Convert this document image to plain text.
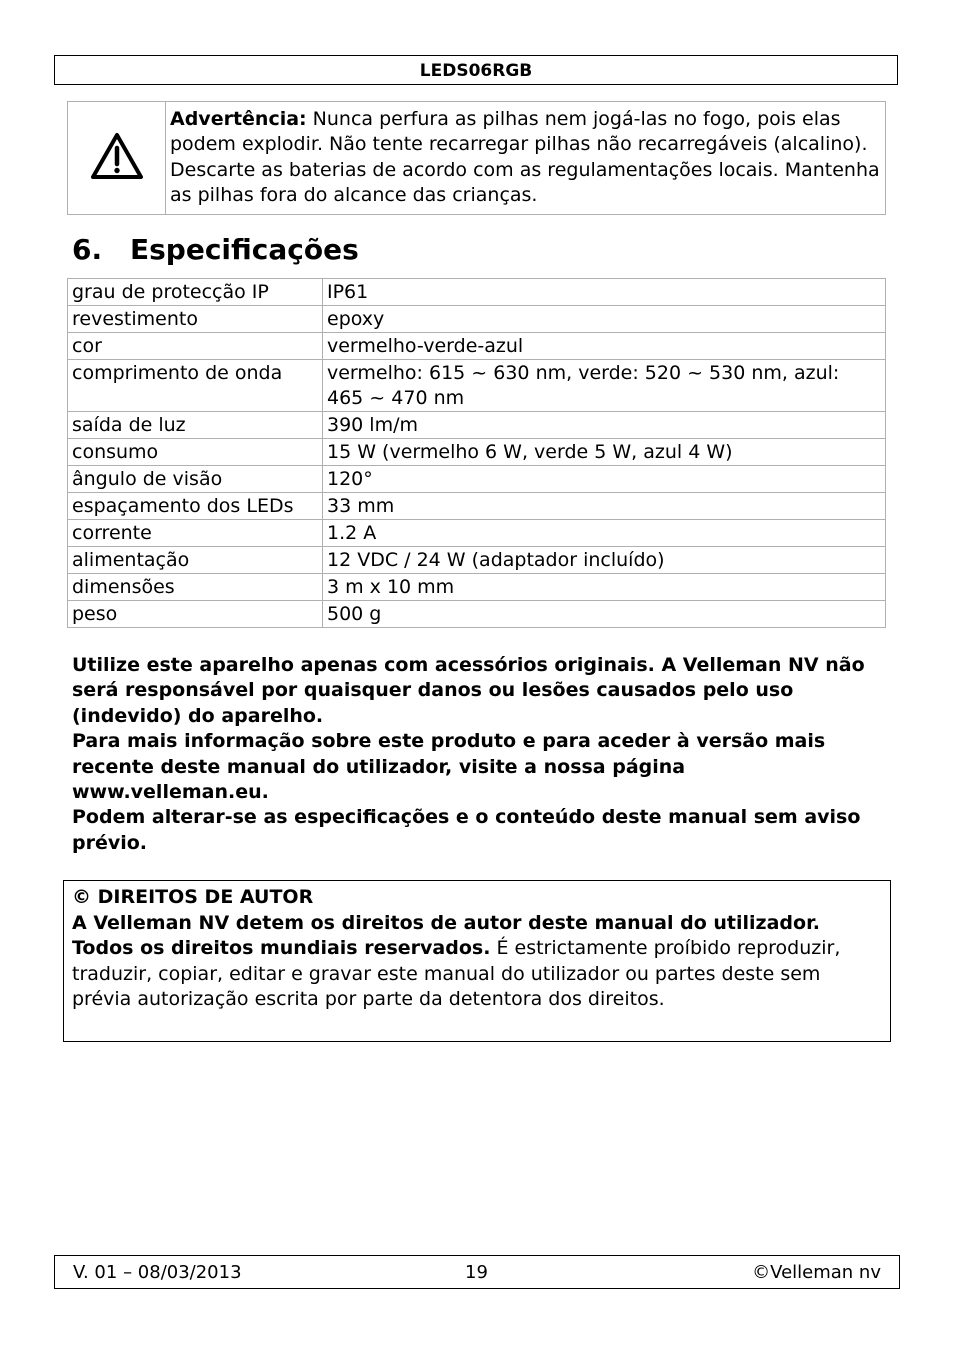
LEDS06RGB
	Advertência: Nunca perfura as pilhas nem jogá-las no fogo, pois elas podem explodir. Não tente recarregar pilhas não recarregáveis (alcalino). Descarte as baterias de acordo com as regulamentações locais. Mantenha as pilhas fora do alcance das crianças.
6. Especificações
grau de protecção IP	IP61
revestimento	epoxy
cor	vermelho-verde-azul
comprimento de onda	vermelho: 615 ~ 630 nm, verde: 520 ~ 530 nm, azul: 465 ~ 470 nm
saída de luz	390 lm/m
consumo	15 W (vermelho 6 W, verde 5 W, azul 4 W)
ângulo de visão	120°
espaçamento dos LEDs	33 mm
corrente	1.2 A
alimentação	12 VDC / 24 W (adaptador incluído)
dimensões	3 m x 10 mm
peso	500 g

Utilize este aparelho apenas com acessórios originais. A Velleman NV não será responsável por quaisquer danos ou lesões causados pelo uso (indevido) do aparelho.

Para mais informação sobre este produto e para aceder à versão mais recente deste manual do utilizador, visite a nossa página www.velleman.eu.

Podem alterar-se as especificações e o conteúdo deste manual sem aviso prévio.

© DIREITOS DE AUTOR

A Velleman NV detem os direitos de autor deste manual do utilizador. Todos os direitos mundiais reservados. É estrictamente proíbido reproduzir, traduzir, copiar, editar e gravar este manual do utilizador ou partes deste sem prévia autorização escrita por parte da detentora dos direitos.

V. 01 – 08/03/2013	19	©Velleman nv
